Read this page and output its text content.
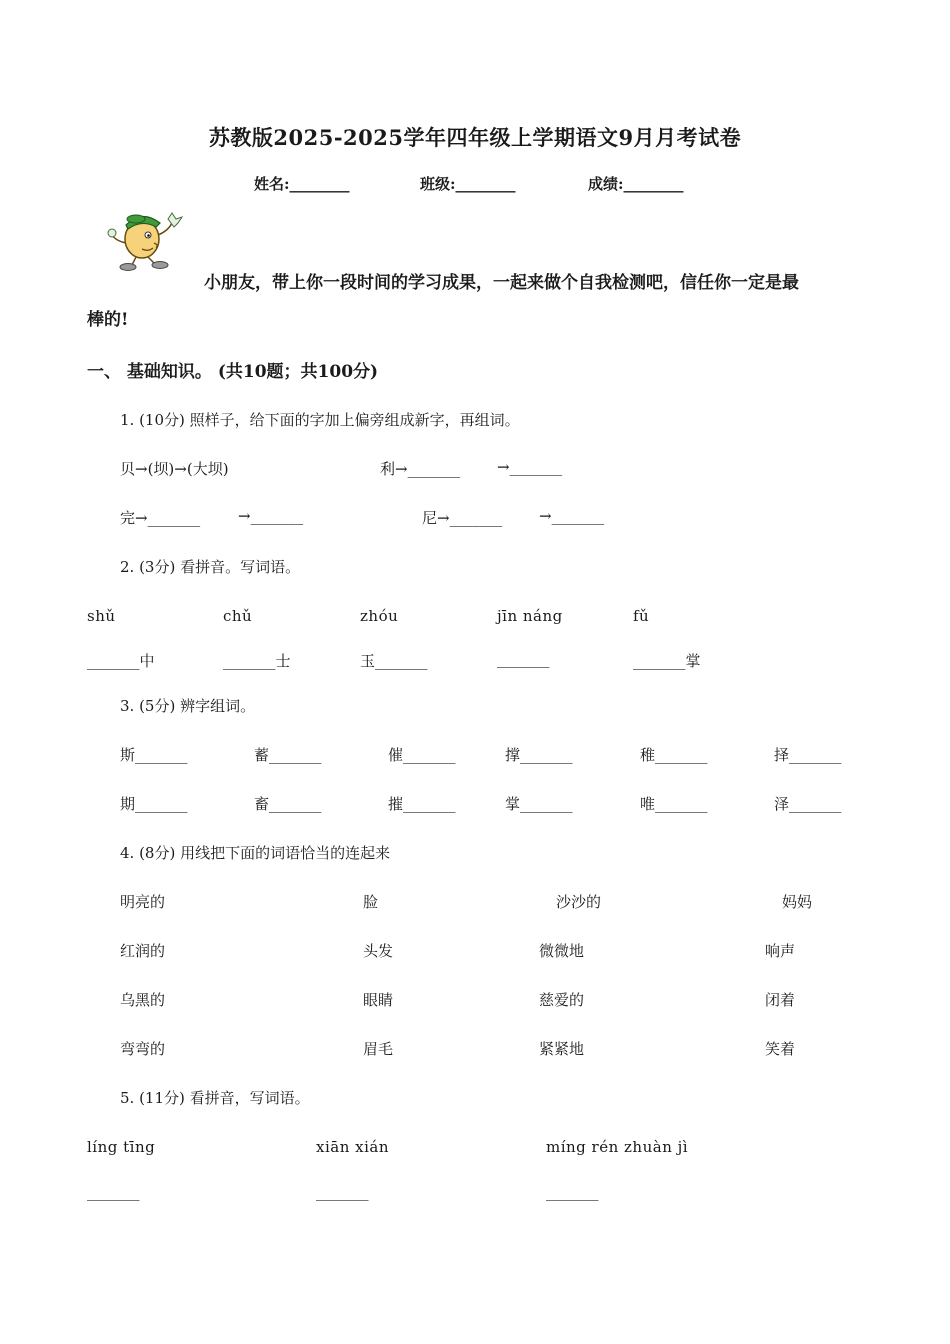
苏教版2025-2025学年四年级上学期语文9月月考试卷
姓名:________	班级:________	成绩:________
小朋友，带上你一段时间的学习成果，一起来做个自我检测吧，信任你一定是最
棒的!
一、 基础知识。 (共10题；共100分)
1. (10分) 照样子，给下面的字加上偏旁组成新字，再组词。
贝→(坝)→(大坝)	利→_______ →_______
完→_______	→_______	尼→_______ →_______
2. (3分) 看拼音。写词语。
shǔ	chǔ	zhóu	jīn náng	fǔ
_______中	_______士	玉_______	_______	_______掌
3. (5分) 辨字组词。
斯_______	蓄_______	催_______	撑_______	稚_______	择_______
期_______	畜_______	摧_______	掌_______	唯_______	泽_______
4. (8分) 用线把下面的词语恰当的连起来
明亮的	脸	沙沙的	妈妈
红润的	头发	微微地	响声
乌黑的	眼睛	慈爱的	闭着
弯弯的	眉毛	紧紧地	笑着
5. (11分) 看拼音，写词语。
líng tīng	xiān xián	míng rén zhuàn jì
_______	_______	_______
